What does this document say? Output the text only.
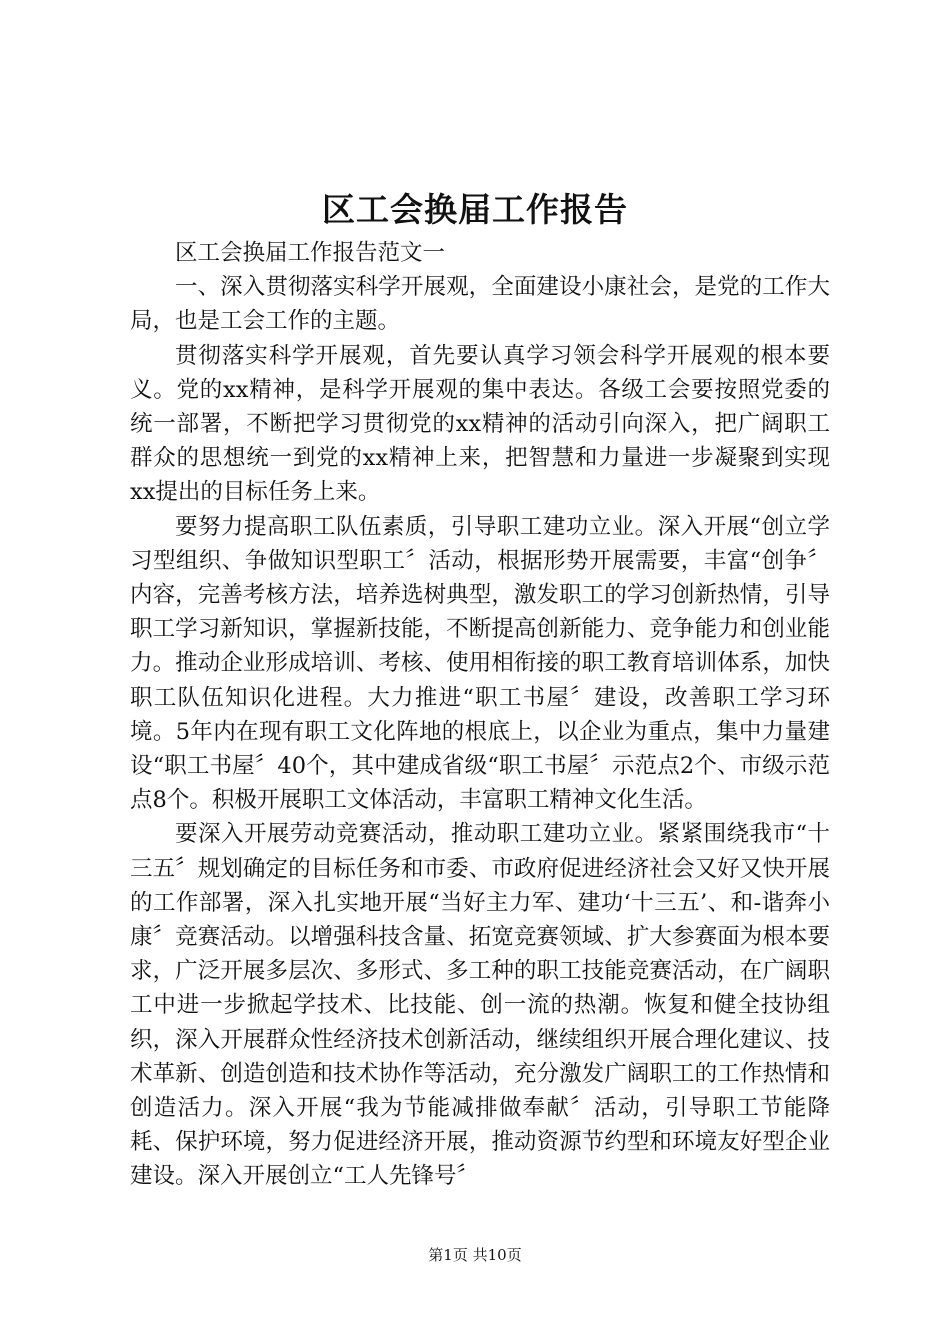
区工会换届工作报告

区工会换届工作报告范文一

一、深入贯彻落实科学开展观，全面建设小康社会，是党的工作大局，也是工会工作的主题。

贯彻落实科学开展观，首先要认真学习领会科学开展观的根本要义。党的xx精神，是科学开展观的集中表达。各级工会要按照党委的统一部署，不断把学习贯彻党的xx精神的活动引向深入，把广阔职工群众的思想统一到党的xx精神上来，把智慧和力量进一步凝聚到实现xx提出的目标任务上来。

要努力提高职工队伍素质，引导职工建功立业。深入开展“创立学习型组织、争做知识型职工〞活动，根据形势开展需要，丰富“创争〞内容，完善考核方法，培养选树典型，激发职工的学习创新热情，引导职工学习新知识，掌握新技能，不断提高创新能力、竞争能力和创业能力。推动企业形成培训、考核、使用相衔接的职工教育培训体系，加快职工队伍知识化进程。大力推进“职工书屋〞建设，改善职工学习环境。5年内在现有职工文化阵地的根底上，以企业为重点，集中力量建设“职工书屋〞40个，其中建成省级“职工书屋〞示范点2个、市级示范点8个。积极开展职工文体活动，丰富职工精神文化生活。

要深入开展劳动竞赛活动，推动职工建功立业。紧紧围绕我市“十三五〞规划确定的目标任务和市委、市政府促进经济社会又好又快开展的工作部署，深入扎实地开展“当好主力军、建功‘十三五’、和-谐奔小康〞竞赛活动。以增强科技含量、拓宽竞赛领域、扩大参赛面为根本要求，广泛开展多层次、多形式、多工种的职工技能竞赛活动，在广阔职工中进一步掀起学技术、比技能、创一流的热潮。恢复和健全技协组织，深入开展群众性经济技术创新活动，继续组织开展合理化建议、技术革新、创造创造和技术协作等活动，充分激发广阔职工的工作热情和创造活力。深入开展“我为节能减排做奉献〞活动，引导职工节能降耗、保护环境，努力促进经济开展，推动资源节约型和环境友好型企业建设。深入开展创立“工人先锋号〞

第1页 共10页
